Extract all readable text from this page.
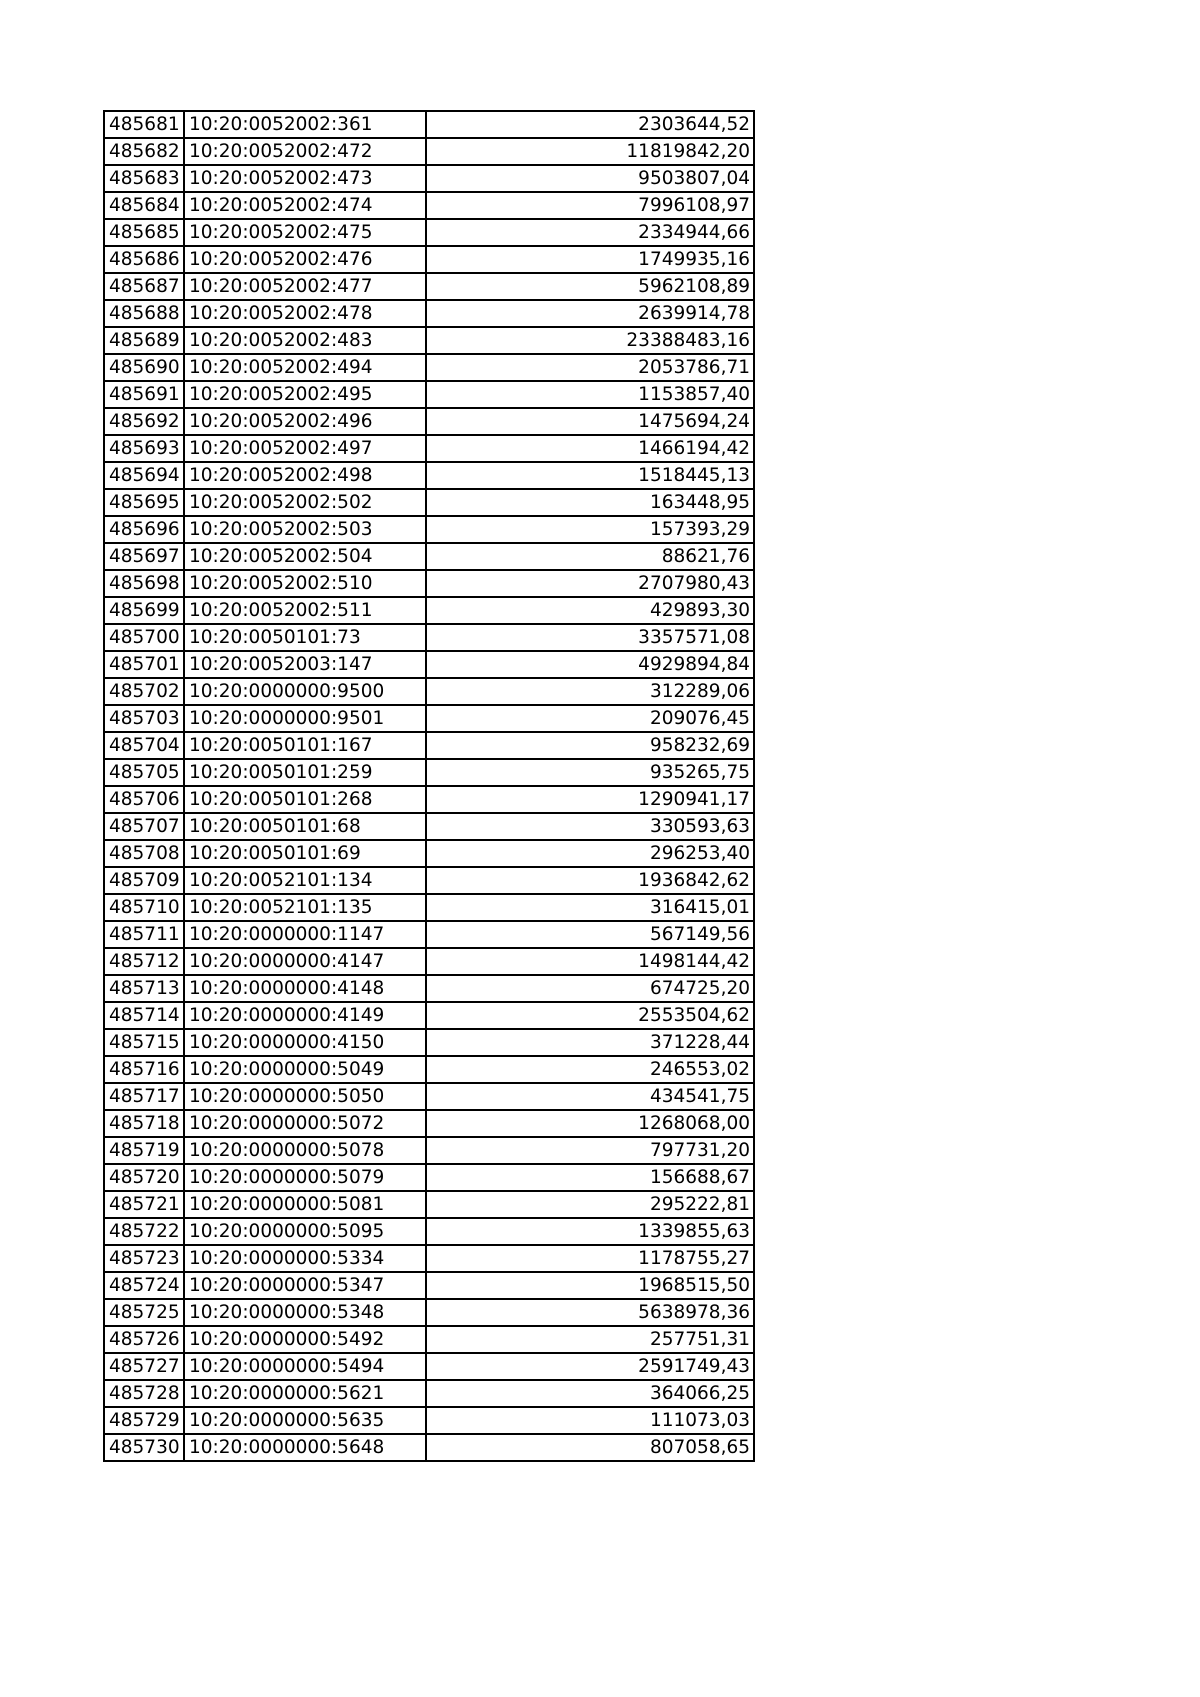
485681	10:20:0052002:361	2303644,52
485682	10:20:0052002:472	11819842,20
485683	10:20:0052002:473	9503807,04
485684	10:20:0052002:474	7996108,97
485685	10:20:0052002:475	2334944,66
485686	10:20:0052002:476	1749935,16
485687	10:20:0052002:477	5962108,89
485688	10:20:0052002:478	2639914,78
485689	10:20:0052002:483	23388483,16
485690	10:20:0052002:494	2053786,71
485691	10:20:0052002:495	1153857,40
485692	10:20:0052002:496	1475694,24
485693	10:20:0052002:497	1466194,42
485694	10:20:0052002:498	1518445,13
485695	10:20:0052002:502	163448,95
485696	10:20:0052002:503	157393,29
485697	10:20:0052002:504	88621,76
485698	10:20:0052002:510	2707980,43
485699	10:20:0052002:511	429893,30
485700	10:20:0050101:73	3357571,08
485701	10:20:0052003:147	4929894,84
485702	10:20:0000000:9500	312289,06
485703	10:20:0000000:9501	209076,45
485704	10:20:0050101:167	958232,69
485705	10:20:0050101:259	935265,75
485706	10:20:0050101:268	1290941,17
485707	10:20:0050101:68	330593,63
485708	10:20:0050101:69	296253,40
485709	10:20:0052101:134	1936842,62
485710	10:20:0052101:135	316415,01
485711	10:20:0000000:1147	567149,56
485712	10:20:0000000:4147	1498144,42
485713	10:20:0000000:4148	674725,20
485714	10:20:0000000:4149	2553504,62
485715	10:20:0000000:4150	371228,44
485716	10:20:0000000:5049	246553,02
485717	10:20:0000000:5050	434541,75
485718	10:20:0000000:5072	1268068,00
485719	10:20:0000000:5078	797731,20
485720	10:20:0000000:5079	156688,67
485721	10:20:0000000:5081	295222,81
485722	10:20:0000000:5095	1339855,63
485723	10:20:0000000:5334	1178755,27
485724	10:20:0000000:5347	1968515,50
485725	10:20:0000000:5348	5638978,36
485726	10:20:0000000:5492	257751,31
485727	10:20:0000000:5494	2591749,43
485728	10:20:0000000:5621	364066,25
485729	10:20:0000000:5635	111073,03
485730	10:20:0000000:5648	807058,65
